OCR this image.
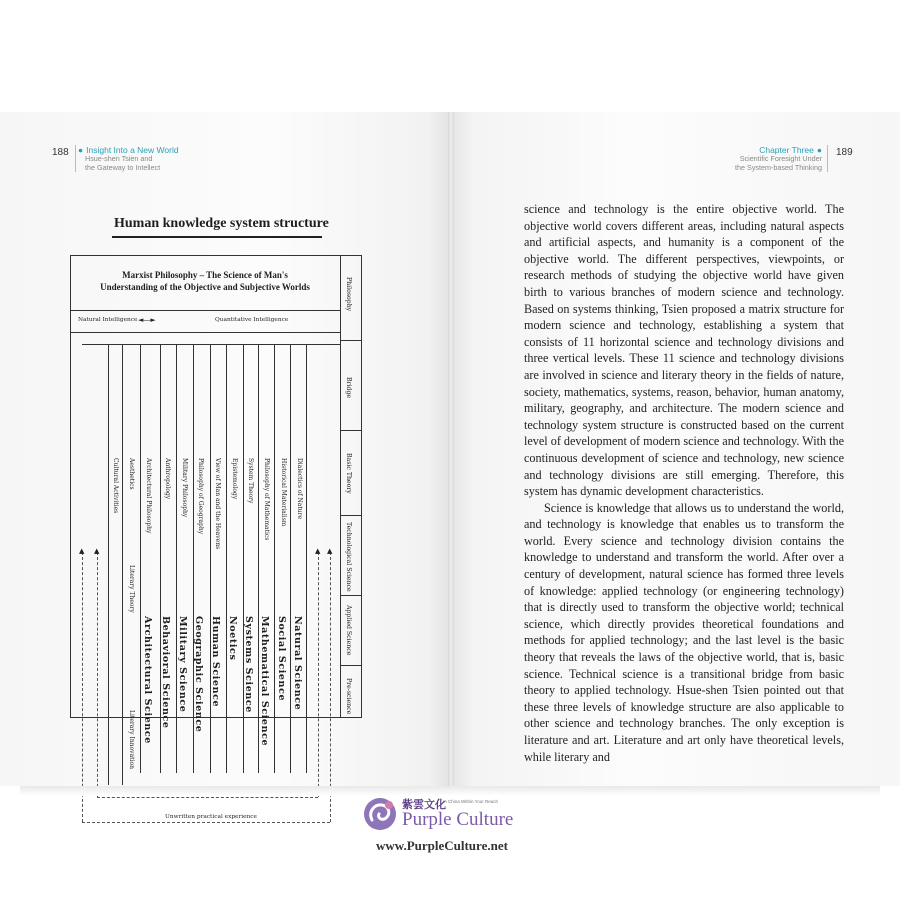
188 ● Insight Into a New World
Hsue-shen Tsien and
the Gateway to Intellect
Human knowledge system structure
Philosophy
Bridge
Basic Theory
Technological Science
Applied Science
Pre-science
Marxist Philosophy – The Science of Man's
Understanding of the Objective and Subjective Worlds
Natural Intelligence ◄—►	Quantitative Intelligence
Dialectics of Nature
Historical Materialism
Philosophy of Mathematics
System Theory
Epistemology
View of Man and the Heavens
Philosophy of Geography
Military Philosophy
Anthropology
Architectural Philosophy
Aesthetics
Cultural Activities
Natural Science
Social Science
Mathematical Science
Systems Science
Noetics
Human Science
Geographic Science
Military Science
Behavioral Science
Architectural Science
Literary Theory
Literary Innovation
▲ ▲	▲ ▲
Unwritten practical experience
189
Chapter Three ●
Scientific Foresight Under
the System-based Thinking

science and technology is the entire objective world. The objective world covers different areas, including natural aspects and artificial aspects, and humanity is a component of the objective world. The different perspectives, viewpoints, or research methods of studying the objective world have given birth to various branches of modern science and technology. Based on systems thinking, Tsien proposed a matrix structure for modern science and technology, establishing a system that consists of 11 horizontal science and technology divisions and three vertical levels. These 11 science and technology divisions are involved in science and literary theory in the fields of nature, society, mathematics, systems, reason, behavior, human anatomy, military, geography, and architecture. The modern science and technology system structure is constructed based on the current level of development of modern science and technology. With the continuous development of science and technology, new science and technology divisions are still emerging. Therefore, this system has dynamic development characteristics.

Science is knowledge that allows us to understand the world, and technology is knowledge that enables us to transform the world. Every science and technology division contains the knowledge to understand and transform the world. After over a century of development, natural science has formed three levels of knowledge: applied technology (or engineering technology) that is directly used to transform the objective world; technical science, which directly provides theoretical foundations and methods for applied technology; and the last level is the basic theory that reveals the laws of the objective world, that is, basic science. Technical science is a transitional bridge from basic theory to applied technology. Hsue-shen Tsien pointed out that these three levels of knowledge structure are also applicable to other science and technology branches. The only exception is literature and art. Literature and art only have theoretical levels, while literary and

紫雲文化
A China Within Your Reach
Purple Culture
www.PurpleCulture.net
